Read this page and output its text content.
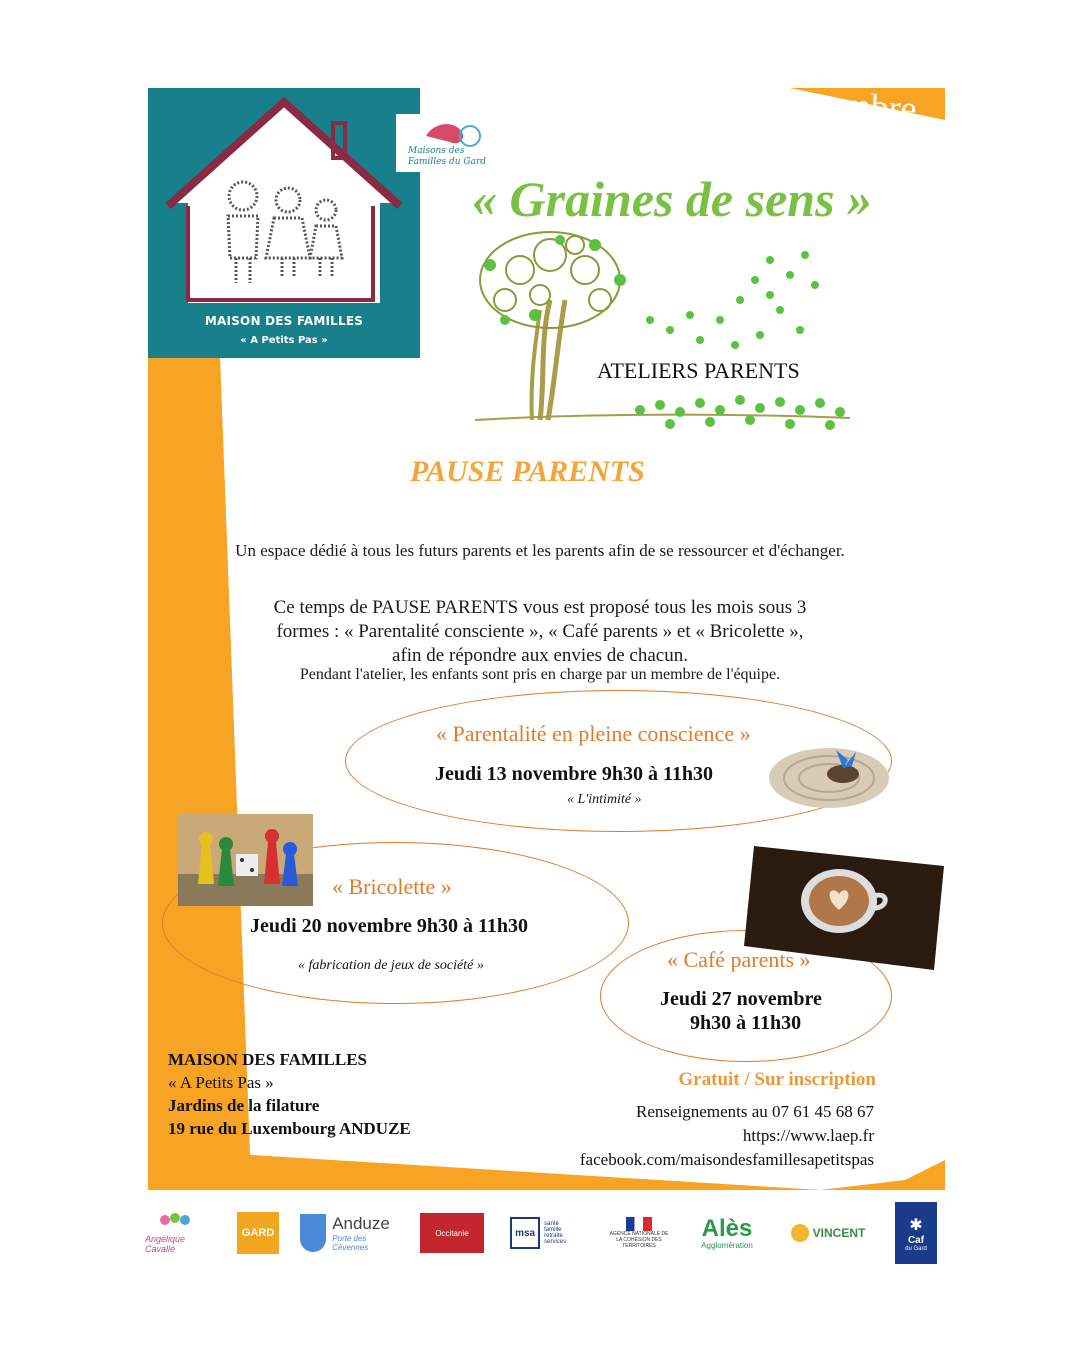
MAISON DES FAMILLES
« A Petits Pas »
Maisons des
Familles du Gard
Novembre
« Graines de sens »
ATELIERS PARENTS
PAUSE PARENTS
Un espace dédié à tous les futurs parents et les parents afin de se ressourcer et d'échanger.
Ce temps de PAUSE PARENTS vous est proposé tous les mois sous 3
formes : « Parentalité consciente », « Café parents » et « Bricolette »,
afin de répondre aux envies de chacun.
Pendant l'atelier, les enfants sont pris en charge par un membre de l'équipe.
« Parentalité en pleine conscience »
Jeudi 13 novembre 9h30 à 11h30
« L'intimité »
« Bricolette »
Jeudi 20 novembre 9h30 à 11h30
« fabrication de jeux de société »	« Café parents »
Jeudi 27 novembre
9h30 à 11h30
MAISON DES FAMILLES
« A Petits Pas »
Jardins de la filature
19 rue du Luxembourg ANDUZE
Gratuit / Sur inscription
Renseignements au 07 61 45 68 67
https://www.laep.fr
facebook.com/maisondesfamillesapetitspas
Angélique Cavallé
GARD	Anduze
Porte des Cévennes
Occitanie	msa
santé famille retraite services
AGENCE NATIONALE DE LA COHÉSION DES TERRITOIRES
Alès
Agglomération
VINCENT	✱
Caf
du Gard
